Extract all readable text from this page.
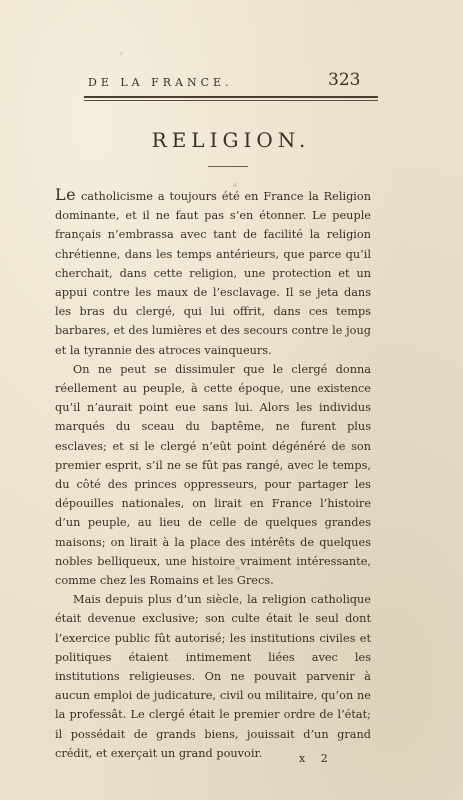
DE LA FRANCE.	323
RELIGION.

Le catholicisme a toujours été en France la Religion dominante, et il ne faut pas s’en étonner. Le peuple français n’embrassa avec tant de facilité la religion chrétienne, dans les temps antérieurs, que parce qu’il cherchait, dans cette religion, une protection et un appui contre les maux de l’esclavage. Il se jeta dans les bras du clergé, qui lui offrit, dans ces temps barbares, et des lumières et des secours contre le joug et la tyrannie des atroces vainqueurs.

On ne peut se dissimuler que le clergé donna réellement au peuple, à cette époque, une existence qu’il n’aurait point eue sans lui. Alors les individus marqués du sceau du baptême, ne furent plus esclaves; et si le clergé n’eût point dégénéré de son premier esprit, s’il ne se fût pas rangé, avec le temps, du côté des princes oppresseurs, pour partager les dépouilles nationales, on lirait en France l’histoire d’un peuple, au lieu de celle de quelques grandes maisons; on lirait à la place des intérêts de quelques nobles belliqueux, une histoire vraiment intéressante, comme chez les Romains et les Grecs.

Mais depuis plus d’un siècle, la religion catholique était devenue exclusive; son culte était le seul dont l’exercice public fût autorisé; les institutions civiles et politiques étaient intimement liées avec les institutions religieuses. On ne pouvait parvenir à aucun emploi de judicature, civil ou militaire, qu’on ne la professât. Le clergé était le premier ordre de l’état; il possédait de grands biens, jouissait d’un grand crédit, et exerçait un grand pouvoir.	x 2
